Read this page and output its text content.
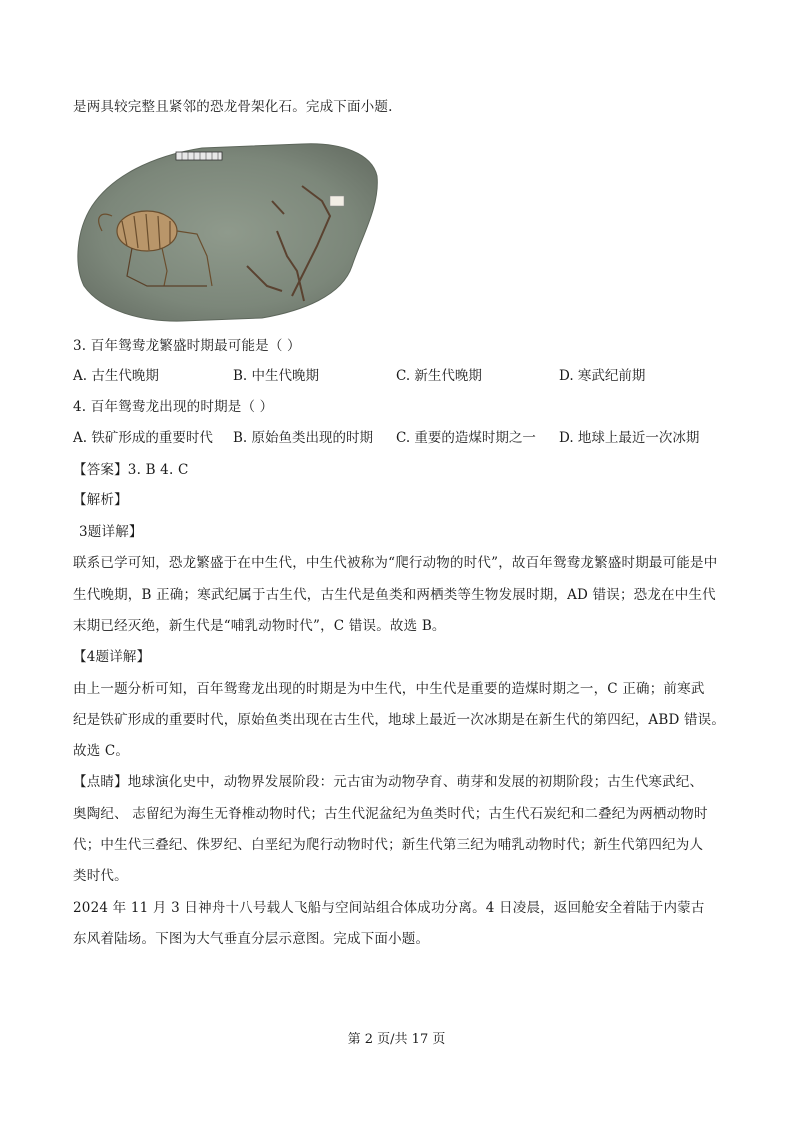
是两具较完整且紧邻的恐龙骨架化石。完成下面小题.
3. 百年鸳鸯龙繁盛时期最可能是（ ）
A. 古生代晚期	B. 中生代晚期	C. 新生代晚期	D. 寒武纪前期
4. 百年鸳鸯龙出现的时期是（ ）
A. 铁矿形成的重要时代 B. 原始鱼类出现的时期 C. 重要的造煤时期之一 D. 地球上最近一次冰期
【答案】3. B 4. C
【解析】
3题详解】
联系已学可知，恐龙繁盛于在中生代，中生代被称为“爬行动物的时代”，故百年鸳鸯龙繁盛时期最可能是中
生代晚期，B 正确；寒武纪属于古生代，古生代是鱼类和两栖类等生物发展时期，AD 错误；恐龙在中生代
末期已经灭绝，新生代是“哺乳动物时代”，C 错误。故选 B。
【4题详解】
由上一题分析可知，百年鸳鸯龙出现的时期是为中生代，中生代是重要的造煤时期之一，C 正确；前寒武
纪是铁矿形成的重要时代，原始鱼类出现在古生代，地球上最近一次冰期是在新生代的第四纪，ABD 错误。
故选 C。
【点睛】地球演化史中，动物界发展阶段：元古宙为动物孕育、萌芽和发展的初期阶段；古生代寒武纪、
奥陶纪、 志留纪为海生无脊椎动物时代；古生代泥盆纪为鱼类时代；古生代石炭纪和二叠纪为两栖动物时
代；中生代三叠纪、侏罗纪、白垩纪为爬行动物时代；新生代第三纪为哺乳动物时代；新生代第四纪为人
类时代。
2024 年 11 月 3 日神舟十八号载人飞船与空间站组合体成功分离。4 日凌晨，返回舱安全着陆于内蒙古
东风着陆场。下图为大气垂直分层示意图。完成下面小题。
第 2 页/共 17 页
